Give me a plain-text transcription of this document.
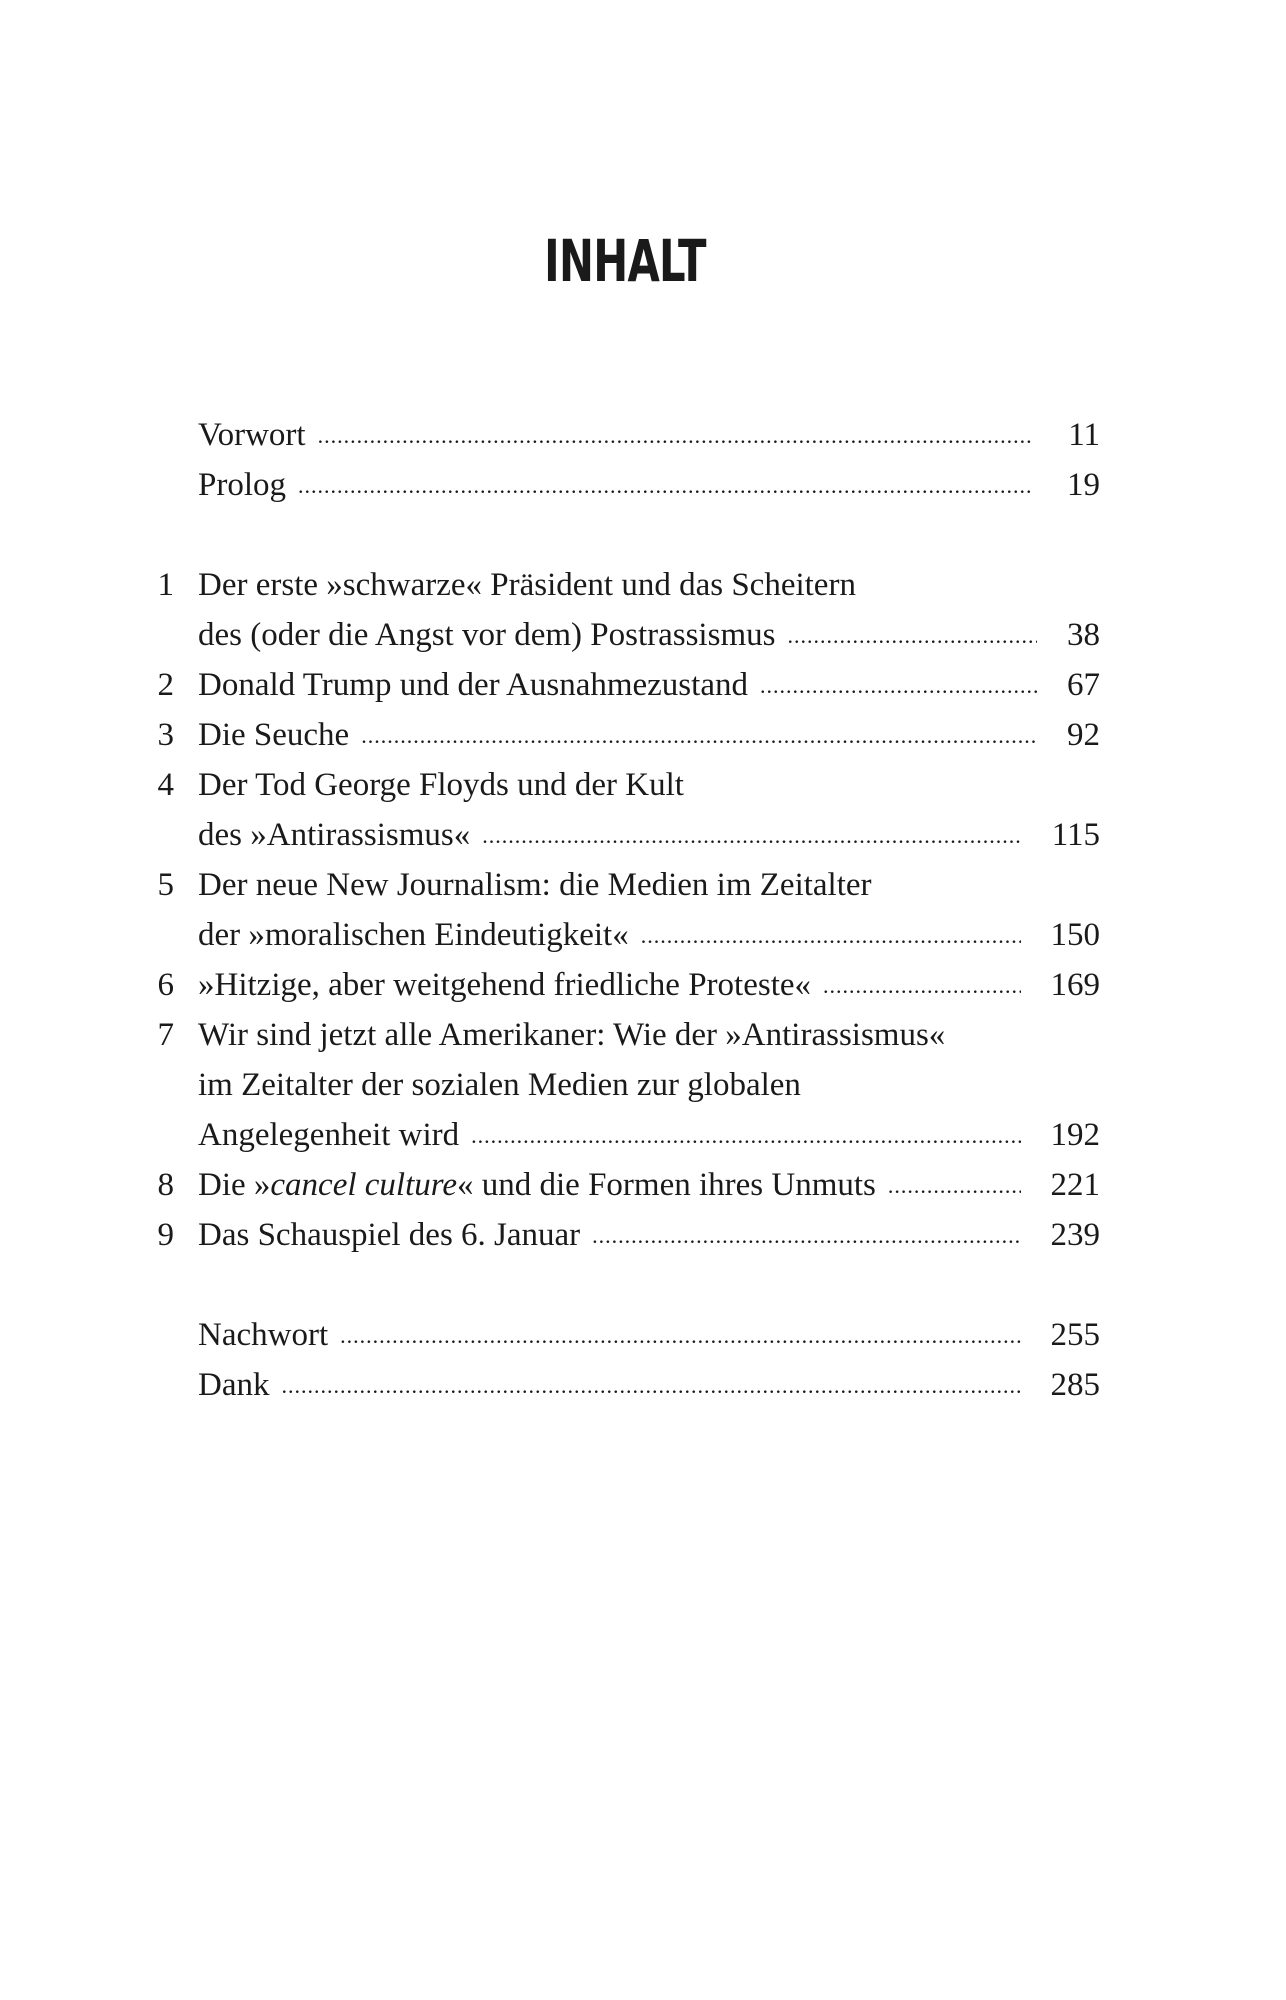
INHALT
Vorwort .....	11
Prolog .....	19
1 Der erste »schwarze« Präsident und das Scheitern
des (oder die Angst vor dem) Postrassismus .....	38
2 Donald Trump und der Ausnahmezustand .....	67
3 Die Seuche .....	92
4 Der Tod George Floyds und der Kult
des »Antirassismus« .....	115
5 Der neue New Journalism: die Medien im Zeitalter
der »moralischen Eindeutigkeit« .....	150
6 »Hitzige, aber weitgehend friedliche Proteste« .....	169
7 Wir sind jetzt alle Amerikaner: Wie der »Antirassismus«
im Zeitalter der sozialen Medien zur globalen
Angelegenheit wird .....	192
8 Die »cancel culture« und die Formen ihres Unmuts .....	221
9 Das Schauspiel des 6. Januar .....	239
Nachwort .....	255
Dank .....	285
